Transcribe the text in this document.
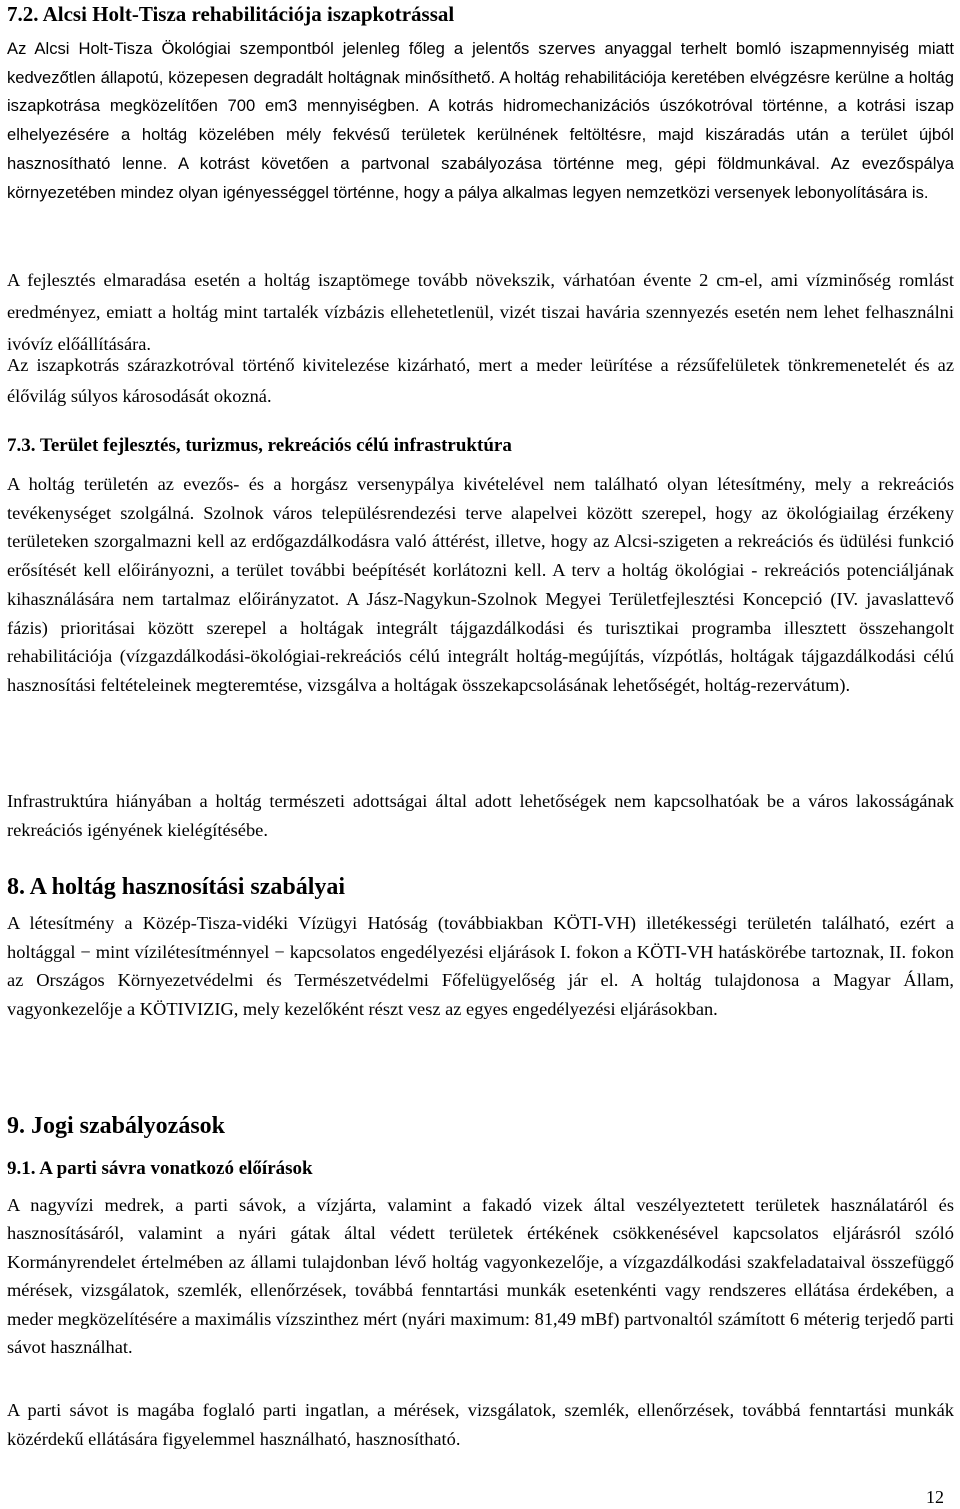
7.2. Alcsi Holt-Tisza rehabilitációja iszapkotrással

Az Alcsi Holt-Tisza Ökológiai szempontból jelenleg főleg a jelentős szerves anyaggal terhelt bomló iszapmennyiség miatt kedvezőtlen állapotú, közepesen degradált holtágnak minősíthető. A holtág rehabilitációja keretében elvégzésre kerülne a holtág iszapkotrása megközelítően 700 em3 mennyiségben. A kotrás hidromechanizációs úszókotróval történne, a kotrási iszap elhelyezésére a holtág közelében mély fekvésű területek kerülnének feltöltésre, majd kiszáradás után a terület újból hasznosítható lenne. A kotrást követően a partvonal szabályozása történne meg, gépi földmunkával. Az evezőspálya környezetében mindez olyan igényességgel történne, hogy a pálya alkalmas legyen nemzetközi versenyek lebonyolítására is.

A fejlesztés elmaradása esetén a holtág iszaptömege tovább növekszik, várhatóan évente 2 cm-el, ami vízminőség romlást eredményez, emiatt a holtág mint tartalék vízbázis ellehetetlenül, vizét tiszai havária szennyezés esetén nem lehet felhasználni ivóvíz előállítására.

Az iszapkotrás szárazkotróval történő kivitelezése kizárható, mert a meder leürítése a rézsűfelületek tönkremenetelét és az élővilág súlyos károsodását okozná.

7.3. Terület fejlesztés, turizmus, rekreációs célú infrastruktúra

A holtág területén az evezős- és a horgász versenypálya kivételével nem található olyan létesítmény, mely a rekreációs tevékenységet szolgálná. Szolnok város településrendezési terve alapelvei között szerepel, hogy az ökológiailag érzékeny területeken szorgalmazni kell az erdőgazdálkodásra való áttérést, illetve, hogy az Alcsi-szigeten a rekreációs és üdülési funkció erősítését kell előirányozni, a terület további beépítését korlátozni kell. A terv a holtág ökológiai - rekreációs potenciáljának kihasználására nem tartalmaz előirányzatot. A Jász-Nagykun-Szolnok Megyei Területfejlesztési Koncepció (IV. javaslattevő fázis) prioritásai között szerepel a holtágak integrált tájgazdálkodási és turisztikai programba illesztett összehangolt rehabilitációja (vízgazdálkodási-ökológiai-rekreációs célú integrált holtág-megújítás, vízpótlás, holtágak tájgazdálkodási célú hasznosítási feltételeinek megteremtése, vizsgálva a holtágak összekapcsolásának lehetőségét, holtág-rezervátum).

Infrastruktúra hiányában a holtág természeti adottságai által adott lehetőségek nem kapcsolhatóak be a város lakosságának rekreációs igényének kielégítésébe.

8. A holtág hasznosítási szabályai

A létesítmény a Közép-Tisza-vidéki Vízügyi Hatóság (továbbiakban KÖTI-VH) illetékességi területén található, ezért a holtággal − mint vízilétesítménnyel − kapcsolatos engedélyezési eljárások I. fokon a KÖTI-VH hatáskörébe tartoznak, II. fokon az Országos Környezetvédelmi és Természetvédelmi Főfelügyelőség jár el. A holtág tulajdonosa a Magyar Állam, vagyonkezelője a KÖTIVIZIG, mely kezelőként részt vesz az egyes engedélyezési eljárásokban.

9. Jogi szabályozások
9.1. A parti sávra vonatkozó előírások

A nagyvízi medrek, a parti sávok, a vízjárta, valamint a fakadó vizek által veszélyeztetett területek használatáról és hasznosításáról, valamint a nyári gátak által védett területek értékének csökkenésével kapcsolatos eljárásról szóló Kormányrendelet értelmében az állami tulajdonban lévő holtág vagyonkezelője, a vízgazdálkodási szakfeladataival összefüggő mérések, vizsgálatok, szemlék, ellenőrzések, továbbá fenntartási munkák esetenkénti vagy rendszeres ellátása érdekében, a meder megközelítésére a maximális vízszinthez mért (nyári maximum: 81,49 mBf) partvonaltól számított 6 méterig terjedő parti sávot használhat.

A parti sávot is magába foglaló parti ingatlan, a mérések, vizsgálatok, szemlék, ellenőrzések, továbbá fenntartási munkák közérdekű ellátására figyelemmel használható, hasznosítható.

12
